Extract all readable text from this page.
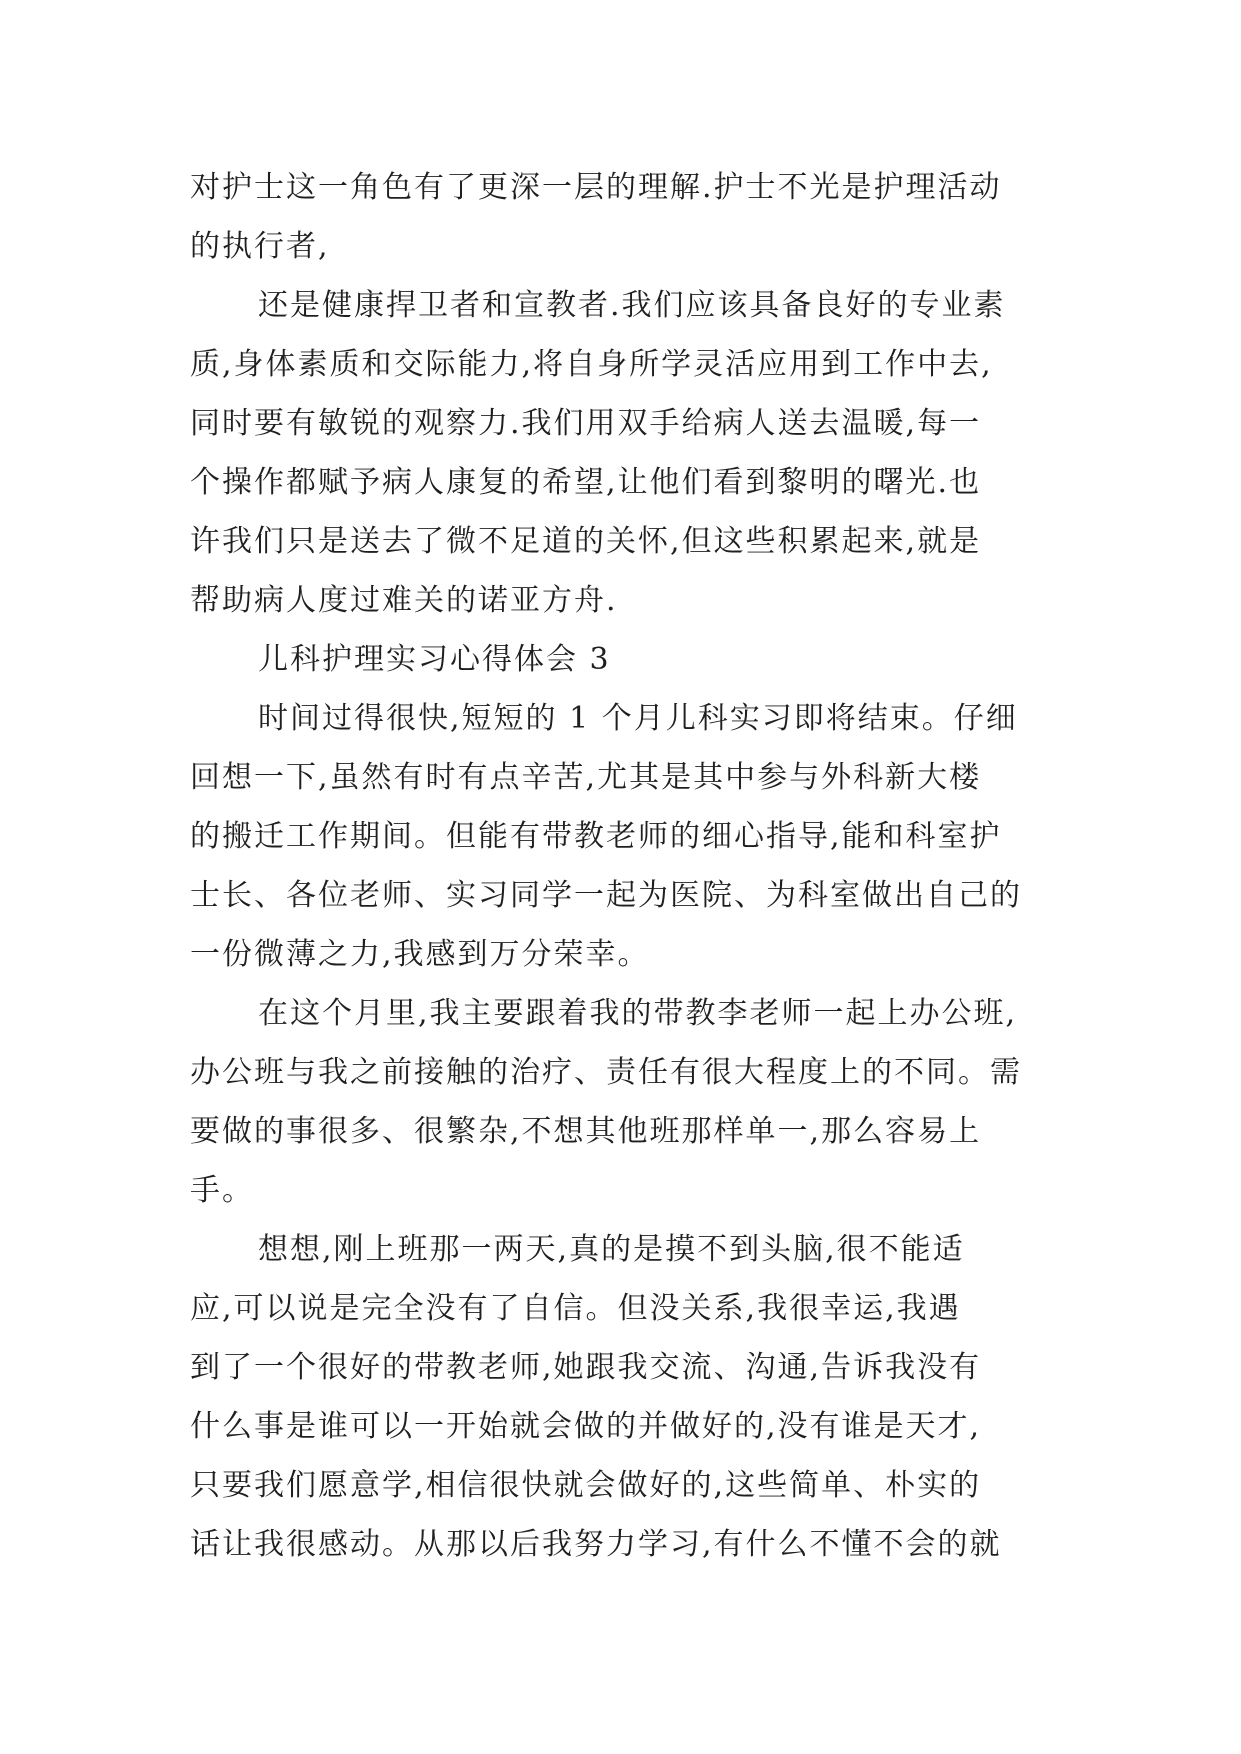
对护士这一角色有了更深一层的理解.护士不光是护理活动
的执行者,
还是健康捍卫者和宣教者.我们应该具备良好的专业素
质,身体素质和交际能力,将自身所学灵活应用到工作中去,
同时要有敏锐的观察力.我们用双手给病人送去温暖,每一
个操作都赋予病人康复的希望,让他们看到黎明的曙光.也
许我们只是送去了微不足道的关怀,但这些积累起来,就是
帮助病人度过难关的诺亚方舟.
儿科护理实习心得体会 3
时间过得很快,短短的 1 个月儿科实习即将结束。仔细
回想一下,虽然有时有点辛苦,尤其是其中参与外科新大楼
的搬迁工作期间。但能有带教老师的细心指导,能和科室护
士长、各位老师、实习同学一起为医院、为科室做出自己的
一份微薄之力,我感到万分荣幸。
在这个月里,我主要跟着我的带教李老师一起上办公班,
办公班与我之前接触的治疗、责任有很大程度上的不同。需
要做的事很多、很繁杂,不想其他班那样单一,那么容易上
手。
想想,刚上班那一两天,真的是摸不到头脑,很不能适
应,可以说是完全没有了自信。但没关系,我很幸运,我遇
到了一个很好的带教老师,她跟我交流、沟通,告诉我没有
什么事是谁可以一开始就会做的并做好的,没有谁是天才,
只要我们愿意学,相信很快就会做好的,这些简单、朴实的
话让我很感动。从那以后我努力学习,有什么不懂不会的就
